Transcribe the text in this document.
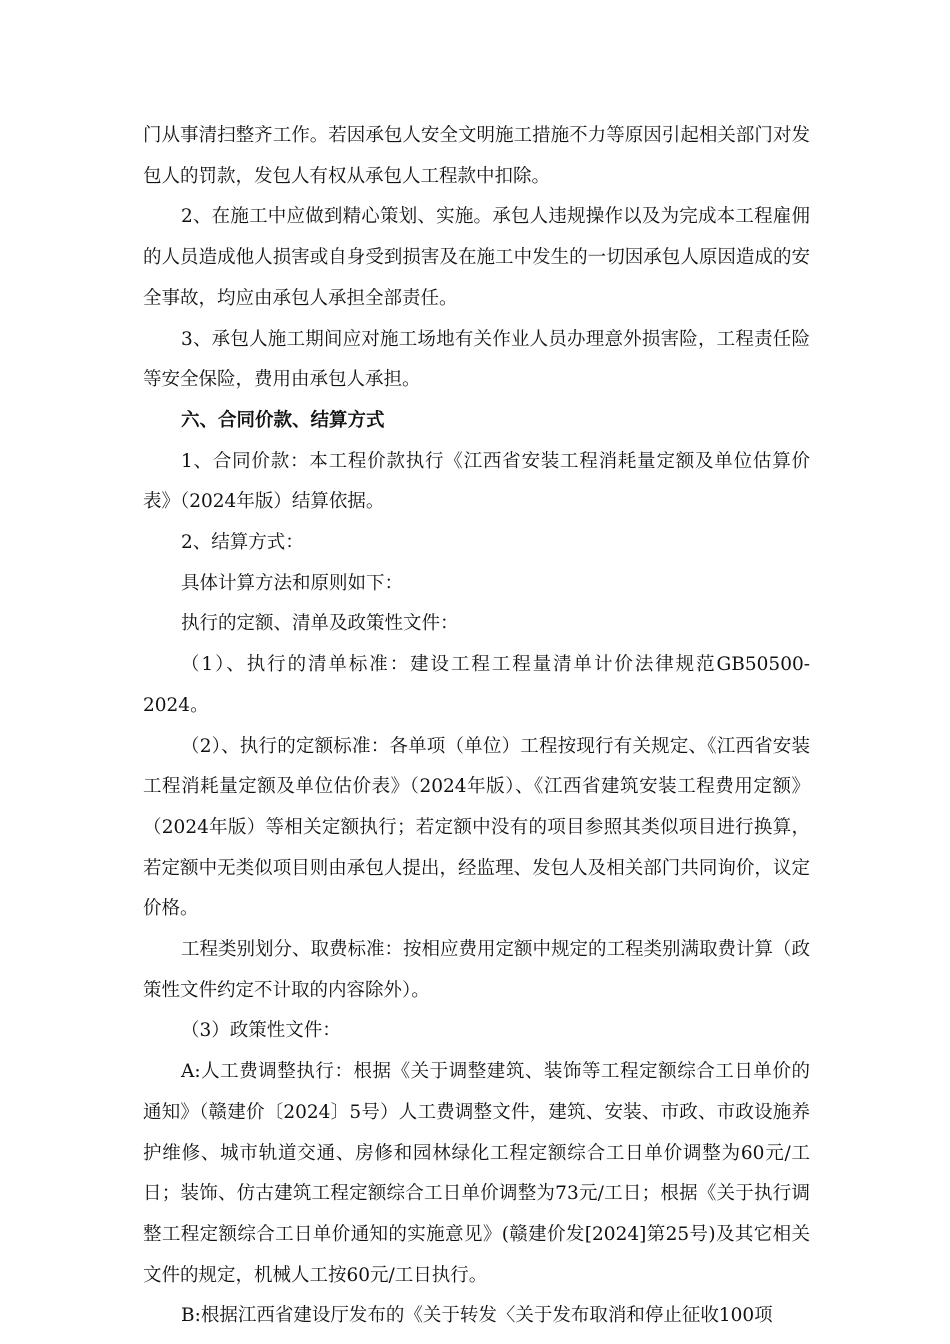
门从事清扫整齐工作。若因承包人安全文明施工措施不力等原因引起相关部门对发包人的罚款，发包人有权从承包人工程款中扣除。

2、在施工中应做到精心策划、实施。承包人违规操作以及为完成本工程雇佣的人员造成他人损害或自身受到损害及在施工中发生的一切因承包人原因造成的安全事故，均应由承包人承担全部责任。

3、承包人施工期间应对施工场地有关作业人员办理意外损害险，工程责任险等安全保险，费用由承包人承担。

六、合同价款、结算方式

1、合同价款：本工程价款执行《江西省安装工程消耗量定额及单位估算价表》（2024年版）结算依据。

2、结算方式：

具体计算方法和原则如下：

执行的定额、清单及政策性文件：

（1）、执行的清单标准：建设工程工程量清单计价法律规范GB50500-2024。

（2）、执行的定额标准：各单项（单位）工程按现行有关规定、《江西省安装工程消耗量定额及单位估价表》（2024年版）、《江西省建筑安装工程费用定额》（2024年版）等相关定额执行；若定额中没有的项目参照其类似项目进行换算，若定额中无类似项目则由承包人提出，经监理、发包人及相关部门共同询价，议定价格。

工程类别划分、取费标准：按相应费用定额中规定的工程类别满取费计算（政策性文件约定不计取的内容除外）。

（3）政策性文件：

A:人工费调整执行：根据《关于调整建筑、装饰等工程定额综合工日单价的通知》（赣建价〔2024〕5号）人工费调整文件，建筑、安装、市政、市政设施养护维修、城市轨道交通、房修和园林绿化工程定额综合工日单价调整为60元/工日；装饰、仿古建筑工程定额综合工日单价调整为73元/工日；根据《关于执行调整工程定额综合工日单价通知的实施意见》(赣建价发[2024]第25号)及其它相关文件的规定，机械人工按60元/工日执行。

B:根据江西省建设厅发布的《关于转发〈关于发布取消和停止征收100项
